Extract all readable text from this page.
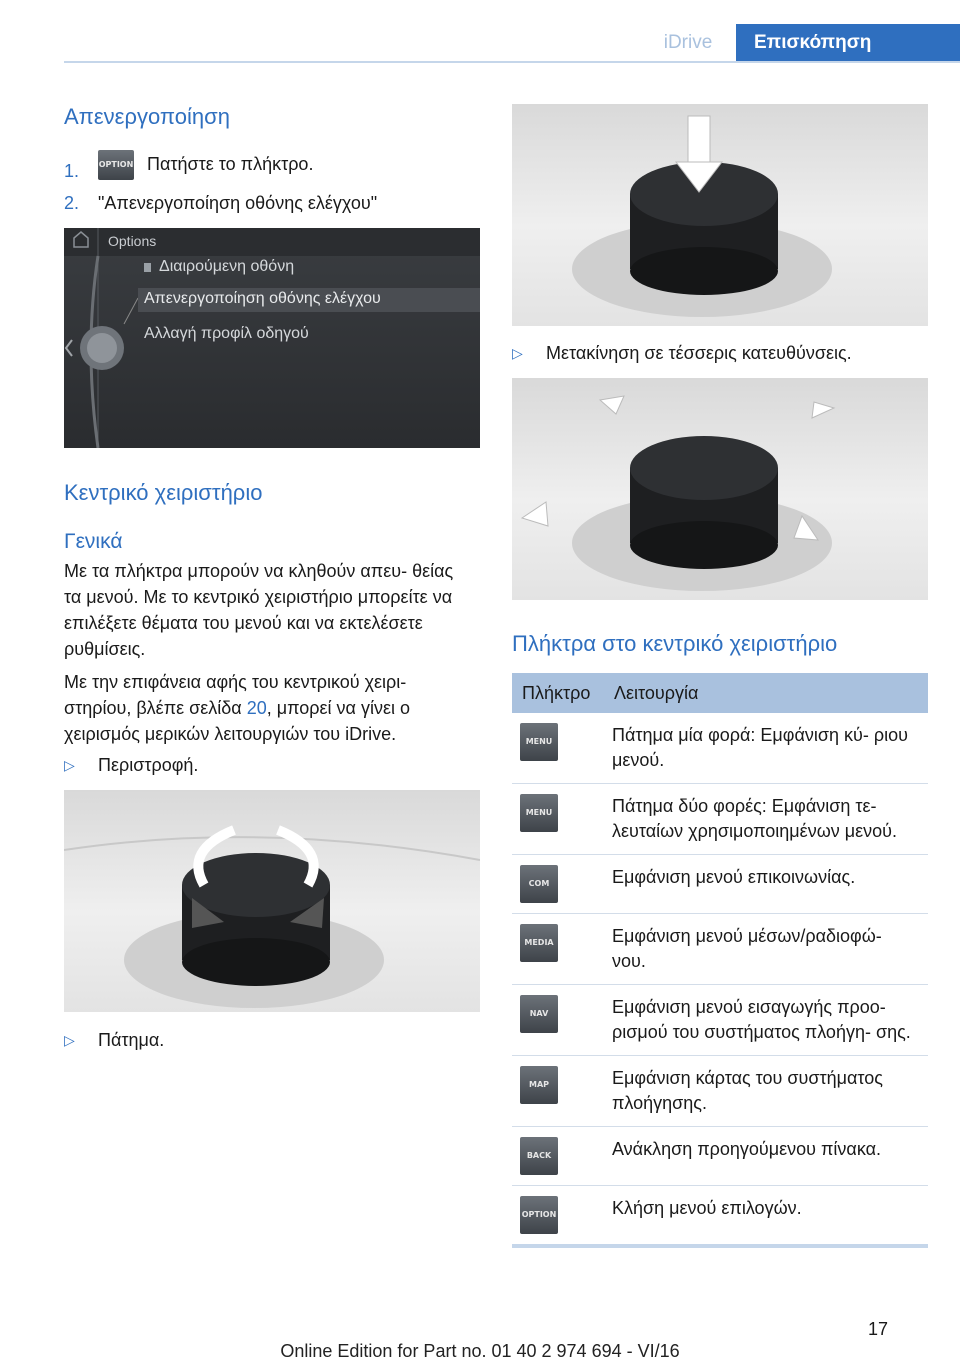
iDrive	Επισκόπηση
Απενεργοποίηση
1. OPTION Πατήστε το πλήκτρο.
2. "Απενεργοποίηση οθόνης ελέγχου"
Options
Διαιρούμενη οθόνη
Απενεργοποίηση οθόνης ελέγχου
Αλλαγή προφίλ οδηγού
Κεντρικό χειριστήριο
Γενικά
Με τα πλήκτρα μπορούν να κληθούν απευ‐ θείας τα μενού. Με το κεντρικό χειριστήριο μπορείτε να επιλέξετε θέματα του μενού και να εκτελέσετε ρυθμίσεις.
Με την επιφάνεια αφής του κεντρικού χειρι‐ στηρίου, βλέπε σελίδα 20, μπορεί να γίνει ο χειρισμός μερικών λειτουργιών του iDrive.
▷ Περιστροφή.
▷ Πάτημα.
▷ Μετακίνηση σε τέσσερις κατευθύνσεις.
Πλήκτρα στο κεντρικό χειριστήριο
Πλήκτρο	Λειτουργία
MENU	Πάτημα μία φορά: Εμφάνιση κύ‐ ριου μενού.
MENU	Πάτημα δύο φορές: Εμφάνιση τε‐ λευταίων χρησιμοποιημένων μενού.
COM	Εμφάνιση μενού επικοινωνίας.
MEDIA	Εμφάνιση μενού μέσων/ραδιοφώ‐ νου.
NAV	Εμφάνιση μενού εισαγωγής προο‐ ρισμού του συστήματος πλοήγη‐ σης.
MAP	Εμφάνιση κάρτας του συστήματος πλοήγησης.
BACK	Ανάκληση προηγούμενου πίνακα.
OPTION	Κλήση μενού επιλογών.
17
Online Edition for Part no. 01 40 2 974 694 - VI/16
